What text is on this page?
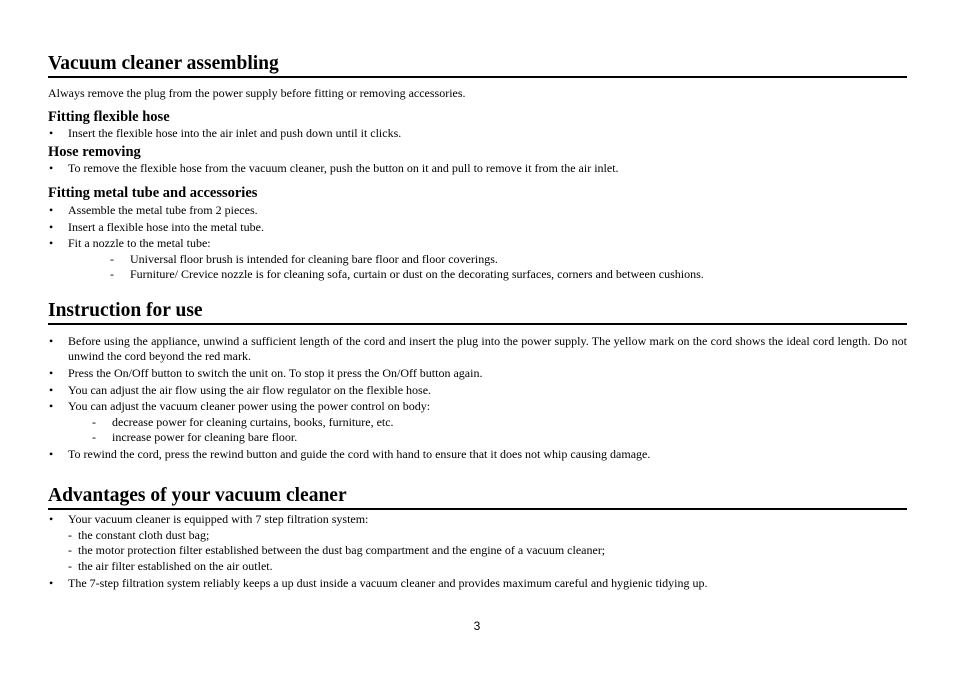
Vacuum cleaner assembling
Always remove the plug from the power supply before fitting or removing accessories.
Fitting flexible hose
• Insert the flexible hose into the air inlet and push down until it clicks.
Hose removing
• To remove the flexible hose from the vacuum cleaner, push the button on it and pull to remove it from the air inlet.
Fitting metal tube and accessories
• Assemble the metal tube from 2 pieces.
• Insert a flexible hose into the metal tube.
• Fit a nozzle to the metal tube:
- Universal floor brush is intended for cleaning bare floor and floor coverings.
- Furniture/ Crevice nozzle is for cleaning sofa, curtain or dust on the decorating surfaces, corners and between cushions.
Instruction for use
• Before using the appliance, unwind a sufficient length of the cord and insert the plug into the power supply. The yellow mark on the cord shows the ideal cord length. Do not unwind the cord beyond the red mark.
• Press the On/Off button to switch the unit on. To stop it press the On/Off button again.
• You can adjust the air flow using the air flow regulator on the flexible hose.
• You can adjust the vacuum cleaner power using the power control on body:
- decrease power for cleaning curtains, books, furniture, etc.
- increase power for cleaning bare floor.
• To rewind the cord, press the rewind button and guide the cord with hand to ensure that it does not whip causing damage.
Advantages of your vacuum cleaner
• Your vacuum cleaner is equipped with 7 step filtration system:
- the constant cloth dust bag;
- the motor protection filter established between the dust bag compartment and the engine of a vacuum cleaner;
- the air filter established on the air outlet.
• The 7-step filtration system reliably keeps a up dust inside a vacuum cleaner and provides maximum careful and hygienic tidying up.
3
